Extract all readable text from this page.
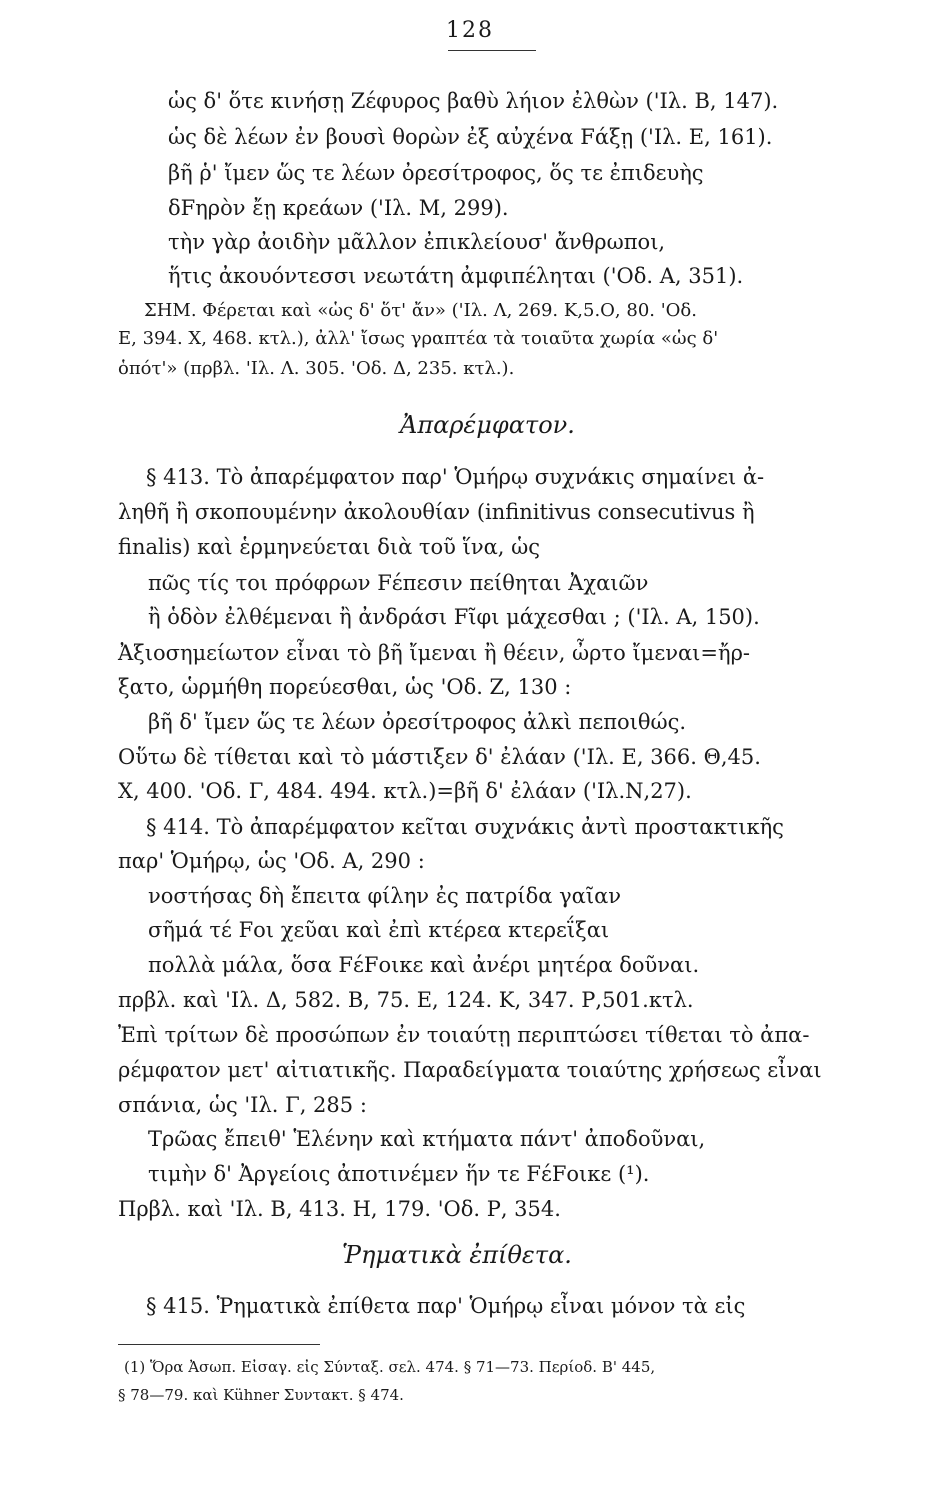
128
ὡς δ' ὅτε κινήσῃ Ζέφυρος βαθὺ λήιον ἐλθὼν ('Ιλ. Β, 147).
ὡς δὲ λέων ἐν βουσὶ θορὼν ἐξ αὐχένα Fάξῃ ('Ιλ. Ε, 161).
βῆ ῥ' ἴμεν ὥς τε λέων ὀρεσίτροφος, ὅς τε ἐπιδευὴς
δFηρὸν ἔῃ κρεάων ('Ιλ. Μ, 299).
τὴν γὰρ ἀοιδὴν μᾶλλον ἐπικλείουσ' ἄνθρωποι,
ἥτις ἀκουόντεσσι νεωτάτη ἀμφιπέληται ('Οδ. Α, 351).
ΣΗΜ. Φέρεται καὶ «ὡς δ' ὅτ' ἄν» ('Ιλ. Λ, 269. Κ,5.Ο, 80. 'Οδ.
Ε, 394. Χ, 468. κτλ.), ἀλλ' ἴσως γραπτέα τὰ τοιαῦτα χωρία «ὡς δ'
ὁπότ'» (πρβλ. 'Ιλ. Λ. 305. 'Οδ. Δ, 235. κτλ.).
Ἀπαρέμφατον.
§ 413. Τὸ ἀπαρέμφατον παρ' Ὁμήρῳ συχνάκις σημαίνει ἀ-
ληθῆ ἢ σκοπουμένην ἀκολουθίαν (infinitivus consecutivus ἢ
finalis) καὶ ἑρμηνεύεται διὰ τοῦ ἵνα, ὡς
πῶς τίς τοι πρόφρων Fέπεσιν πείθηται Ἀχαιῶν
ἢ ὁδὸν ἐλθέμεναι ἢ ἀνδράσι Fῖφι μάχεσθαι ; ('Ιλ. Α, 150).
Ἀξιοσημείωτον εἶναι τὸ βῆ ἴμεναι ἢ θέειν, ὦρτο ἴμεναι=ἤρ-
ξατο, ὡρμήθη πορεύεσθαι, ὡς 'Οδ. Ζ, 130 :
βῆ δ' ἴμεν ὥς τε λέων ὀρεσίτροφος ἀλκὶ πεποιθώς.
Οὕτω δὲ τίθεται καὶ τὸ μάστιξεν δ' ἐλάαν ('Ιλ. Ε, 366. Θ,45.
Χ, 400. 'Οδ. Γ, 484. 494. κτλ.)=βῆ δ' ἐλάαν ('Ιλ.Ν,27).
§ 414. Τὸ ἀπαρέμφατον κεῖται συχνάκις ἀντὶ προστακτικῆς
παρ' Ὁμήρῳ, ὡς 'Οδ. Α, 290 :
νοστήσας δὴ ἔπειτα φίλην ἐς πατρίδα γαῖαν
σῆμά τέ Fοι χεῦαι καὶ ἐπὶ κτέρεα κτερεΐξαι
πολλὰ μάλα, ὅσα FέFοικε καὶ ἀνέρι μητέρα δοῦναι.
πρβλ. καὶ 'Ιλ. Δ, 582. Β, 75. Ε, 124. Κ, 347. Ρ,501.κτλ.
Ἐπὶ τρίτων δὲ προσώπων ἐν τοιαύτῃ περιπτώσει τίθεται τὸ ἀπα-
ρέμφατον μετ' αἰτιατικῆς. Παραδείγματα τοιαύτης χρήσεως εἶναι
σπάνια, ὡς 'Ιλ. Γ, 285 :
Τρῶας ἔπειθ' Ἑλένην καὶ κτήματα πάντ' ἀποδοῦναι,
τιμὴν δ' Ἀργείοις ἀποτινέμεν ἥν τε FέFοικε (¹).
Πρβλ. καὶ 'Ιλ. Β, 413. Η, 179. 'Οδ. Ρ, 354.
Ῥηματικὰ ἐπίθετα.
§ 415. Ῥηματικὰ ἐπίθετα παρ' Ὁμήρῳ εἶναι μόνον τὰ εἰς
(1) Ὅρα Ἀσωπ. Εἰσαγ. εἰς Σύνταξ. σελ. 474. § 71—73. Περίοδ. Β' 445,
§ 78—79. καὶ Kühner Συντακτ. § 474.
